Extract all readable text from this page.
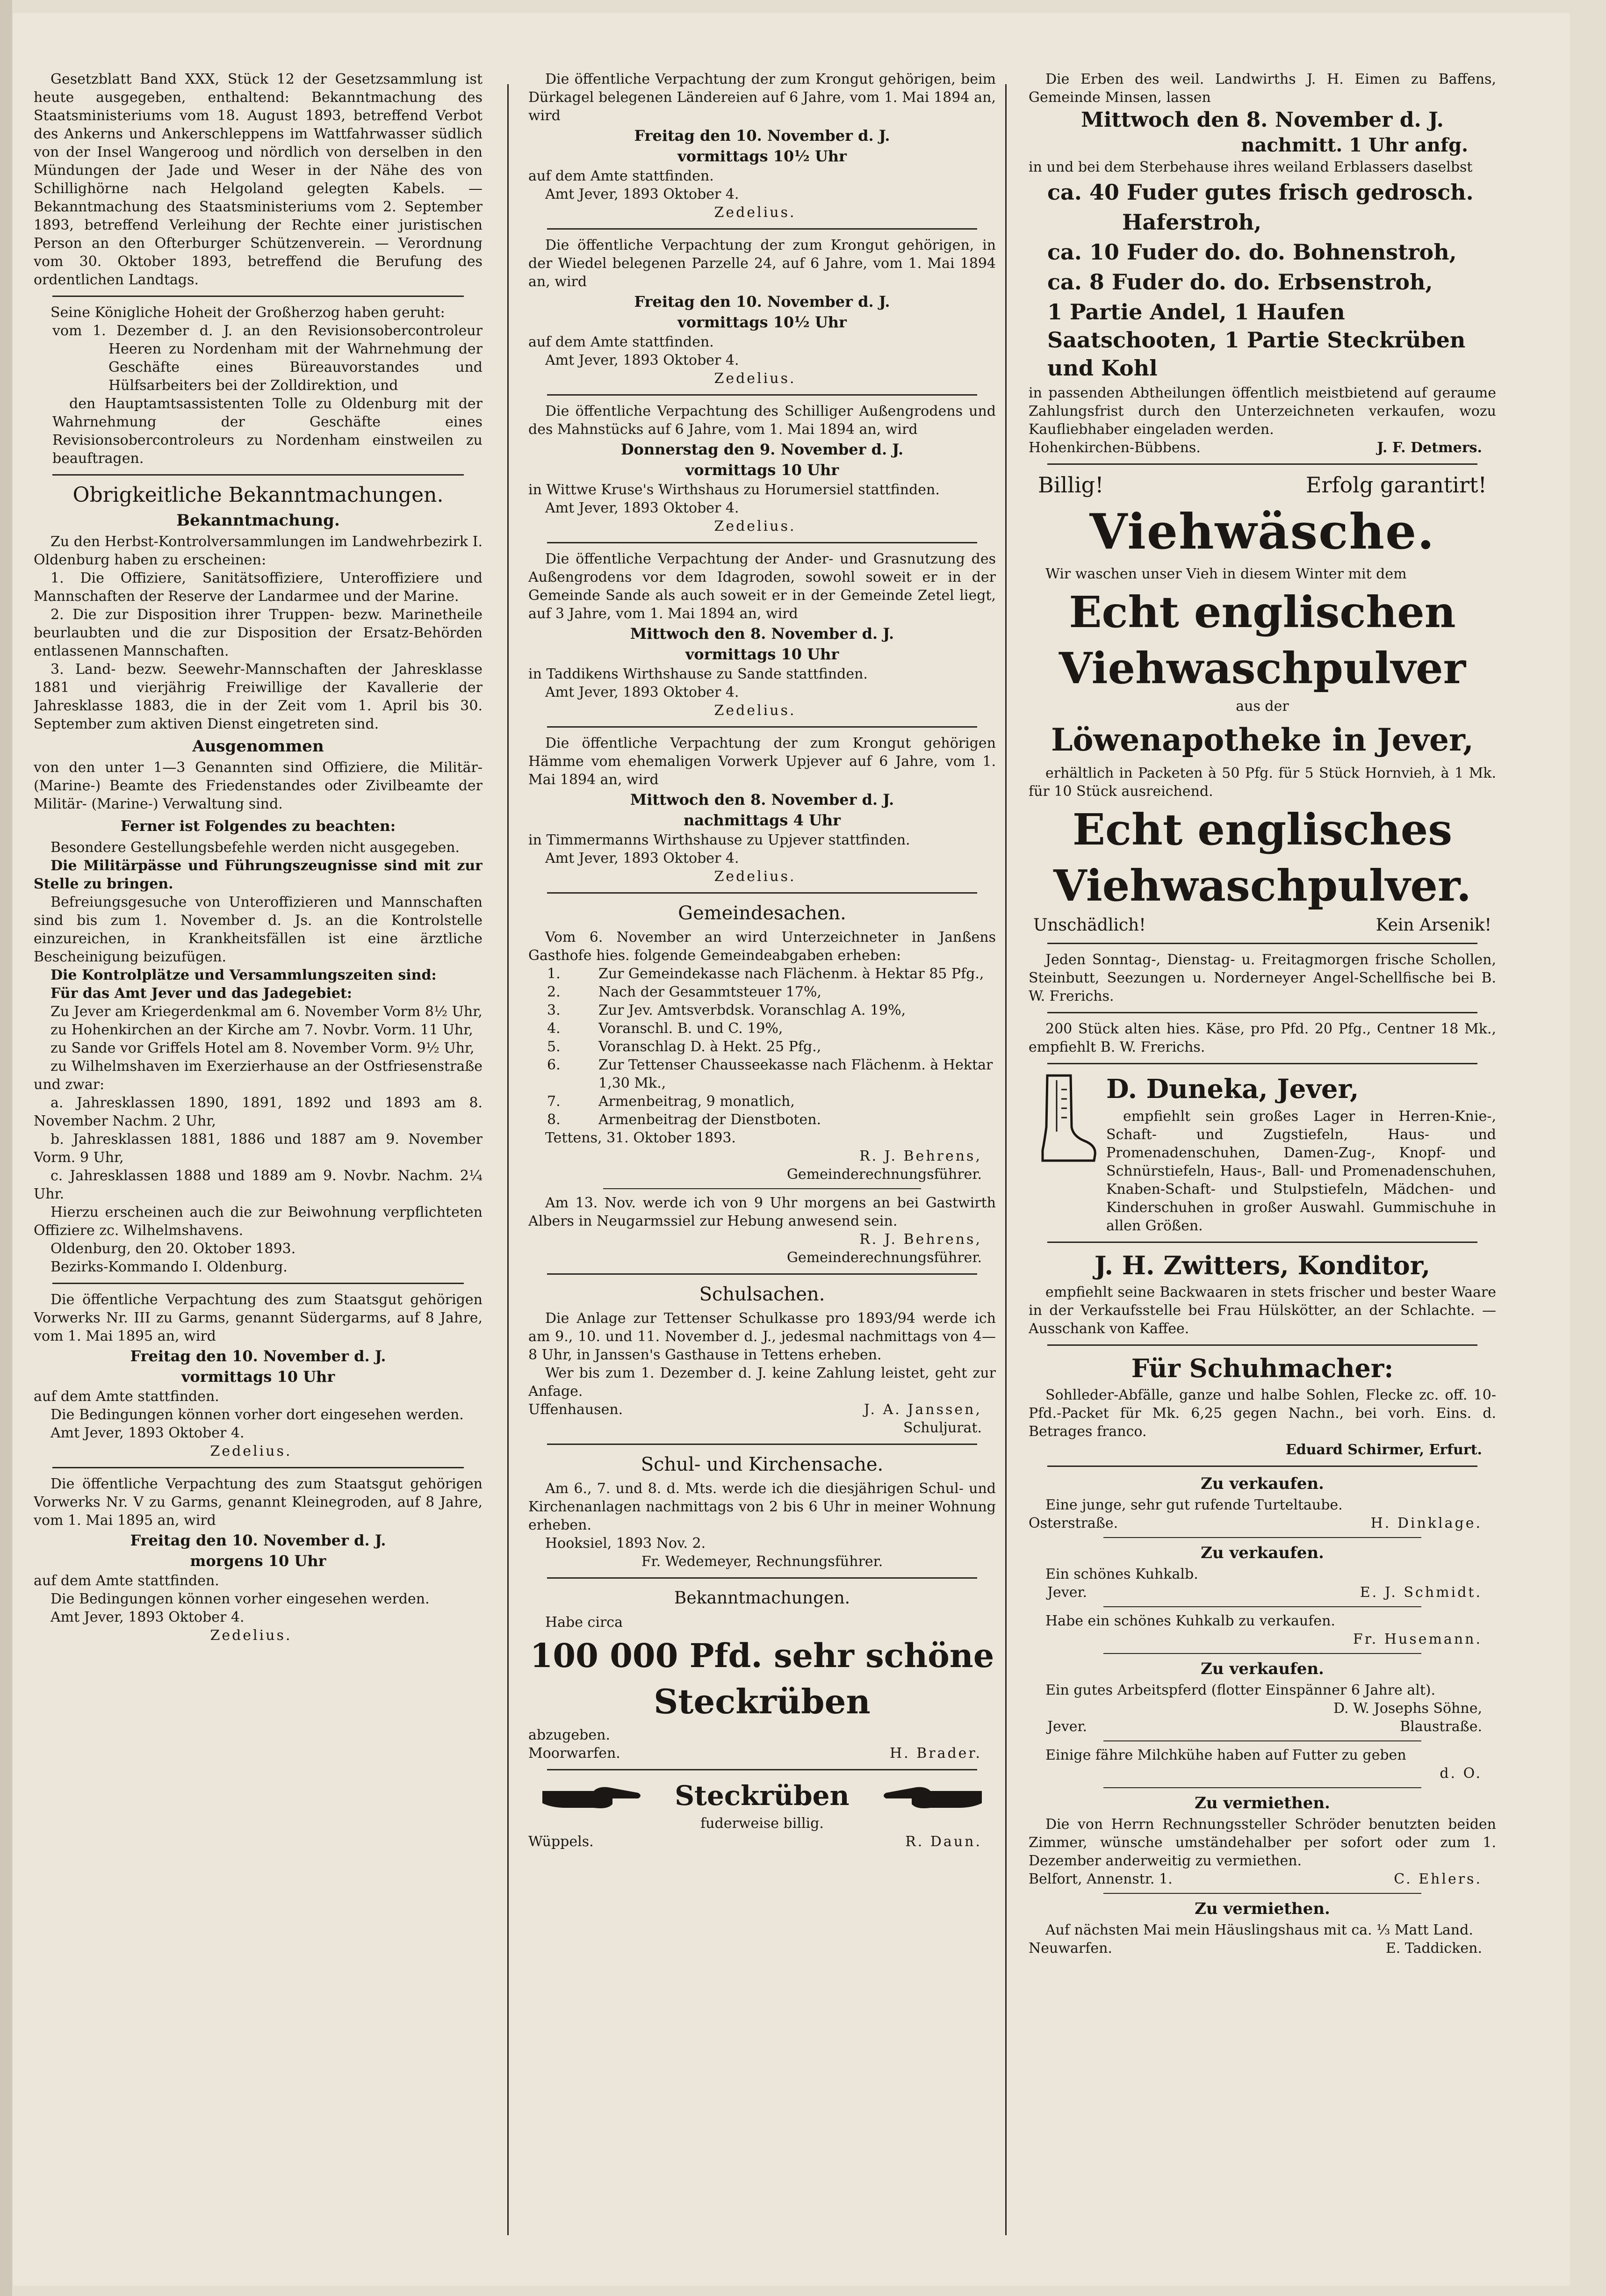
Gesetzblatt Band XXX, Stück 12 der Gesetzsammlung ist heute ausgegeben, enthaltend: Bekanntmachung des Staatsministeriums vom 18. August 1893, betreffend Verbot des Ankerns und Ankerschleppens im Wattfahrwasser südlich von der Insel Wangeroog und nördlich von derselben in den Mündungen der Jade und Weser in der Nähe des von Schillighörne nach Helgoland gelegten Kabels. — Bekanntmachung des Staatsministeriums vom 2. September 1893, betreffend Verleihung der Rechte einer juristischen Person an den Ofterburger Schützenverein. — Verordnung vom 30. Oktober 1893, betreffend die Berufung des ordentlichen Landtags.

Seine Königliche Hoheit der Großherzog haben geruht:

vom 1. Dezember d. J. an den Revisionsobercontroleur Heeren zu Nordenham mit der Wahrnehmung der Geschäfte eines Büreauvorstandes und Hülfsarbeiters bei der Zolldirektion, und

den Hauptamtsassistenten Tolle zu Oldenburg mit der Wahrnehmung der Geschäfte eines Revisionsobercontroleurs zu Nordenham einstweilen zu beauftragen.

Obrigkeitliche Bekanntmachungen.
Bekanntmachung.

Zu den Herbst-Kontrolversammlungen im Landwehrbezirk I. Oldenburg haben zu erscheinen:

1. Die Offiziere, Sanitätsoffiziere, Unteroffiziere und Mannschaften der Reserve der Landarmee und der Marine.

2. Die zur Disposition ihrer Truppen- bezw. Marinetheile beurlaubten und die zur Disposition der Ersatz-Behörden entlassenen Mannschaften.

3. Land- bezw. Seewehr-Mannschaften der Jahresklasse 1881 und vierjährig Freiwillige der Kavallerie der Jahresklasse 1883, die in der Zeit vom 1. April bis 30. September zum aktiven Dienst eingetreten sind.

Ausgenommen

von den unter 1—3 Genannten sind Offiziere, die Militär- (Marine-) Beamte des Friedenstandes oder Zivilbeamte der Militär- (Marine-) Verwaltung sind.

Ferner ist Folgendes zu beachten:

Besondere Gestellungsbefehle werden nicht ausgegeben.

Die Militärpässe und Führungszeugnisse sind mit zur Stelle zu bringen.

Befreiungsgesuche von Unteroffizieren und Mannschaften sind bis zum 1. November d. Js. an die Kontrolstelle einzureichen, in Krankheitsfällen ist eine ärztliche Bescheinigung beizufügen.

Die Kontrolplätze und Versammlungszeiten sind:

Für das Amt Jever und das Jadegebiet:

Zu Jever am Kriegerdenkmal am 6. November Vorm 8½ Uhr,

zu Hohenkirchen an der Kirche am 7. Novbr. Vorm. 11 Uhr,

zu Sande vor Griffels Hotel am 8. November Vorm. 9½ Uhr,

zu Wilhelmshaven im Exerzierhause an der Ostfriesenstraße und zwar:

a. Jahresklassen 1890, 1891, 1892 und 1893 am 8. November Nachm. 2 Uhr,

b. Jahresklassen 1881, 1886 und 1887 am 9. November Vorm. 9 Uhr,

c. Jahresklassen 1888 und 1889 am 9. Novbr. Nachm. 2¼ Uhr.

Hierzu erscheinen auch die zur Beiwohnung verpflichteten Offiziere zc. Wilhelmshavens.

Oldenburg, den 20. Oktober 1893.

Bezirks-Kommando I. Oldenburg.

Die öffentliche Verpachtung des zum Staatsgut gehörigen Vorwerks Nr. III zu Garms, genannt Südergarms, auf 8 Jahre, vom 1. Mai 1895 an, wird

Freitag den 10. November d. J.
vormittags 10 Uhr

auf dem Amte stattfinden.

Die Bedingungen können vorher dort eingesehen werden.

Amt Jever, 1893 Oktober 4.

Zedelius.

Die öffentliche Verpachtung des zum Staatsgut gehörigen Vorwerks Nr. V zu Garms, genannt Kleinegroden, auf 8 Jahre, vom 1. Mai 1895 an, wird

Freitag den 10. November d. J.
morgens 10 Uhr

auf dem Amte stattfinden.

Die Bedingungen können vorher eingesehen werden.

Amt Jever, 1893 Oktober 4.

Zedelius.

Die öffentliche Verpachtung der zum Krongut gehörigen, beim Dürkagel belegenen Ländereien auf 6 Jahre, vom 1. Mai 1894 an, wird

Freitag den 10. November d. J.
vormittags 10½ Uhr

auf dem Amte stattfinden.

Amt Jever, 1893 Oktober 4.

Zedelius.

Die öffentliche Verpachtung der zum Krongut gehörigen, in der Wiedel belegenen Parzelle 24, auf 6 Jahre, vom 1. Mai 1894 an, wird

Freitag den 10. November d. J.
vormittags 10½ Uhr

auf dem Amte stattfinden.

Amt Jever, 1893 Oktober 4.

Zedelius.

Die öffentliche Verpachtung des Schilliger Außengrodens und des Mahnstücks auf 6 Jahre, vom 1. Mai 1894 an, wird

Donnerstag den 9. November d. J.
vormittags 10 Uhr

in Wittwe Kruse's Wirthshaus zu Horumersiel stattfinden.

Amt Jever, 1893 Oktober 4.

Zedelius.

Die öffentliche Verpachtung der Ander- und Grasnutzung des Außengrodens vor dem Idagroden, sowohl soweit er in der Gemeinde Sande als auch soweit er in der Gemeinde Zetel liegt, auf 3 Jahre, vom 1. Mai 1894 an, wird

Mittwoch den 8. November d. J.
vormittags 10 Uhr

in Taddikens Wirthshause zu Sande stattfinden.

Amt Jever, 1893 Oktober 4.

Zedelius.

Die öffentliche Verpachtung der zum Krongut gehörigen Hämme vom ehemaligen Vorwerk Upjever auf 6 Jahre, vom 1. Mai 1894 an, wird

Mittwoch den 8. November d. J.
nachmittags 4 Uhr

in Timmermanns Wirthshause zu Upjever stattfinden.

Amt Jever, 1893 Oktober 4.

Zedelius.

Gemeindesachen.

Vom 6. November an wird Unterzeichneter in Janßens Gasthofe hies. folgende Gemeindeabgaben erheben:

1.	Zur Gemeindekasse nach Flächenm. à Hektar 85 Pfg.,
2.	Nach der Gesammtsteuer 17%,
3.	Zur Jev. Amtsverbdsk. Voranschlag A. 19%,
4.	Voranschl. B. und C. 19%,
5.	Voranschlag D. à Hekt. 25 Pfg.,
6.	Zur Tettenser Chausseekasse nach Flächenm. à Hektar 1,30 Mk.,
7.	Armenbeitrag, 9 monatlich,
8.	Armenbeitrag der Dienstboten.

Tettens, 31. Oktober 1893.

R. J. Behrens,

Gemeinderechnungsführer.

Am 13. Nov. werde ich von 9 Uhr morgens an bei Gastwirth Albers in Neugarmssiel zur Hebung anwesend sein.

R. J. Behrens,

Gemeinderechnungsführer.

Schulsachen.

Die Anlage zur Tettenser Schulkasse pro 1893/94 werde ich am 9., 10. und 11. November d. J., jedesmal nachmittags von 4—8 Uhr, in Janssen's Gasthause in Tettens erheben.

Wer bis zum 1. Dezember d. J. keine Zahlung leistet, geht zur Anfage.

Uffenhausen.	J. A. Janssen,

Schuljurat.

Schul- und Kirchensache.

Am 6., 7. und 8. d. Mts. werde ich die diesjährigen Schul- und Kirchenanlagen nachmittags von 2 bis 6 Uhr in meiner Wohnung erheben.

Hooksiel, 1893 Nov. 2.

Fr. Wedemeyer, Rechnungsführer.

Bekanntmachungen.

Habe circa

100 000 Pfd. sehr schöne
Steckrüben

abzugeben.

Moorwarfen.	H. Brader.
Steckrüben

fuderweise billig.

Wüppels.	R. Daun.

Die Erben des weil. Landwirths J. H. Eimen zu Baffens, Gemeinde Minsen, lassen

Mittwoch den 8. November d. J.
nachmitt. 1 Uhr anfg.

in und bei dem Sterbehause ihres weiland Erblassers daselbst

ca. 40 Fuder gutes frisch gedrosch.
Haferstroh,
ca. 10 Fuder do. do. Bohnenstroh,
ca. 8 Fuder do. do. Erbsenstroh,
1 Partie Andel, 1 Haufen Saatschooten, 1 Partie Steckrüben und Kohl

in passenden Abtheilungen öffentlich meistbietend auf geraume Zahlungsfrist durch den Unterzeichneten verkaufen, wozu Kaufliebhaber eingeladen werden.

Hohenkirchen-Bübbens.	J. F. Detmers.
Billig!	Erfolg garantirt!
Viehwäsche.

Wir waschen unser Vieh in diesem Winter mit dem

Echt englischen
Viehwaschpulver

aus der

Löwenapotheke in Jever,

erhältlich in Packeten à 50 Pfg. für 5 Stück Hornvieh, à 1 Mk. für 10 Stück ausreichend.

Echt englisches
Viehwaschpulver.
Unschädlich!	Kein Arsenik!

Jeden Sonntag-, Dienstag- u. Freitagmorgen frische Schollen, Steinbutt, Seezungen u. Norderneyer Angel-Schellfische bei B. W. Frerichs.

200 Stück alten hies. Käse, pro Pfd. 20 Pfg., Centner 18 Mk., empfiehlt B. W. Frerichs.

D. Duneka, Jever,

empfiehlt sein großes Lager in Herren-Knie-, Schaft- und Zugstiefeln, Haus- und Promenadenschuhen, Damen-Zug-, Knopf- und Schnürstiefeln, Haus-, Ball- und Promenadenschuhen, Knaben-Schaft- und Stulpstiefeln, Mädchen- und Kinderschuhen in großer Auswahl. Gummischuhe in allen Größen.

J. H. Zwitters, Konditor,

empfiehlt seine Backwaaren in stets frischer und bester Waare in der Verkaufsstelle bei Frau Hülskötter, an der Schlachte. — Ausschank von Kaffee.

Für Schuhmacher:

Sohlleder-Abfälle, ganze und halbe Sohlen, Flecke zc. off. 10-Pfd.-Packet für Mk. 6,25 gegen Nachn., bei vorh. Eins. d. Betrages franco.

Eduard Schirmer, Erfurt.

Zu verkaufen.

Eine junge, sehr gut rufende Turteltaube.

Osterstraße.	H. Dinklage.
Zu verkaufen.

Ein schönes Kuhkalb.

Jever.	E. J. Schmidt.

Habe ein schönes Kuhkalb zu verkaufen.

Fr. Husemann.

Zu verkaufen.

Ein gutes Arbeitspferd (flotter Einspänner 6 Jahre alt).

D. W. Josephs Söhne,

Jever.	Blaustraße.

Einige fähre Milchkühe haben auf Futter zu geben

d. O.

Zu vermiethen.

Die von Herrn Rechnungssteller Schröder benutzten beiden Zimmer, wünsche umständehalber per sofort oder zum 1. Dezember anderweitig zu vermiethen.

Belfort, Annenstr. 1.	C. Ehlers.
Zu vermiethen.

Auf nächsten Mai mein Häuslingshaus mit ca. ⅓ Matt Land.

Neuwarfen.	E. Taddicken.
